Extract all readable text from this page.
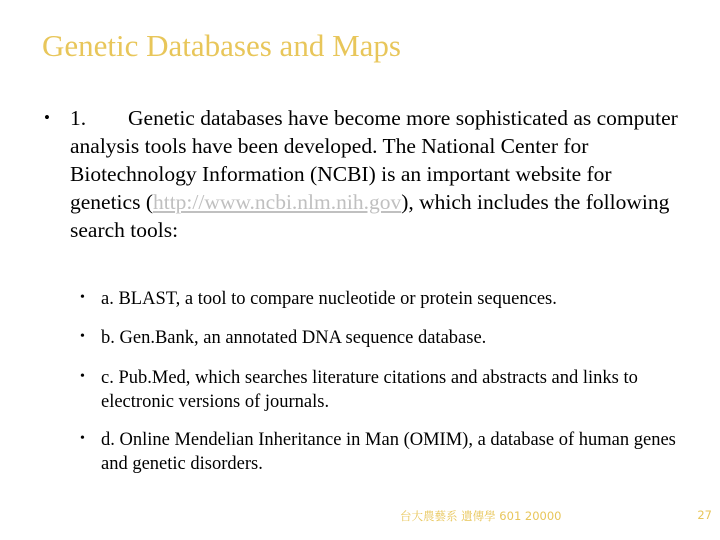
Genetic Databases and Maps
• 1. Genetic databases have become more sophisticated as computer analysis tools have been developed. The National Center for Biotechnology Information (NCBI) is an important website for genetics (http://www.ncbi.nlm.nih.gov), which includes the following search tools:
• a. BLAST, a tool to compare nucleotide or protein sequences.
• b. Gen.Bank, an annotated DNA sequence database.
• c. Pub.Med, which searches literature citations and abstracts and links to electronic versions of journals.
• d. Online Mendelian Inheritance in Man (OMIM), a database of human genes and genetic disorders.
台大農藝系 遺傳學 601 20000	27
